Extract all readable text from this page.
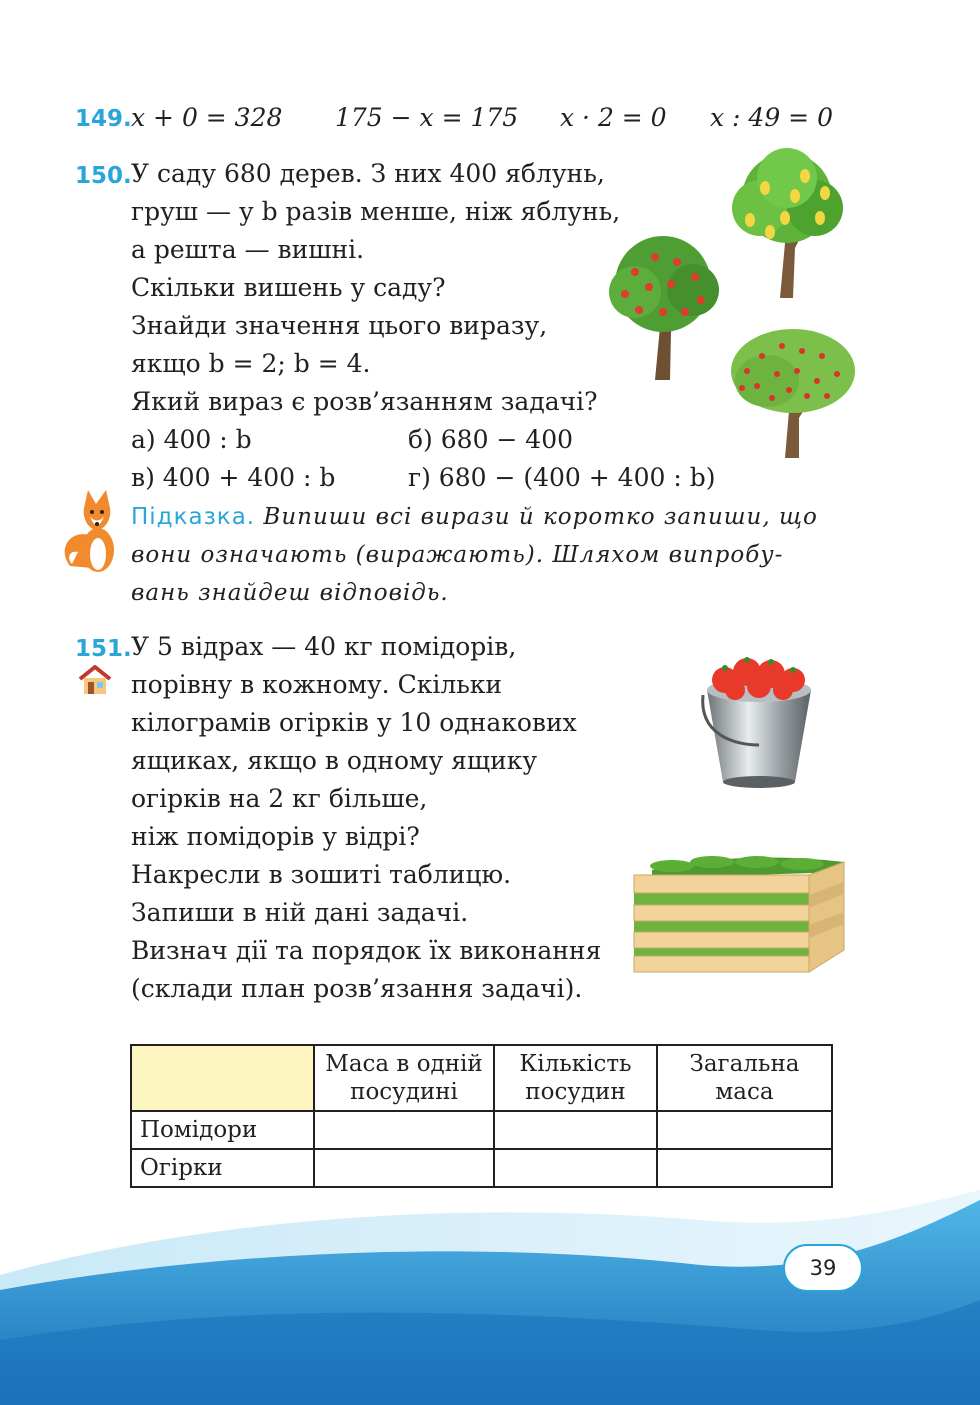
149. x + 0 = 328 175 − x = 175 x · 2 = 0 x : 49 = 0
150. У саду 680 дерев. З них 400 яблунь,
груш — у b разів менше, ніж яблунь,
а решта — вишні.
Скільки вишень у саду?
Знайди значення цього виразу,
якщо b = 2; b = 4.
Який вираз є розв’язанням задачі?
а) 400 : b	б) 680 − 400
в) 400 + 400 : b	г) 680 − (400 + 400 : b)
Підказка. Випиши всі вирази й коротко запиши, що
вони означають (виражають). Шляхом випробу-
вань знайдеш відповідь.
151. У 5 відрах — 40 кг помідорів,
порівну в кожному. Скільки
кілограмів огірків у 10 однакових
ящиках, якщо в одному ящику
огірків на 2 кг більше,
ніж помідорів у відрі?
Накресли в зошиті таблицю.
Запиши в ній дані задачі.
Визнач дії та порядок їх виконання
(склади план розв’язання задачі).
	Маса в одній посудині	Кількість посудин	Загальна маса
Помідори			
Огірки			
39
